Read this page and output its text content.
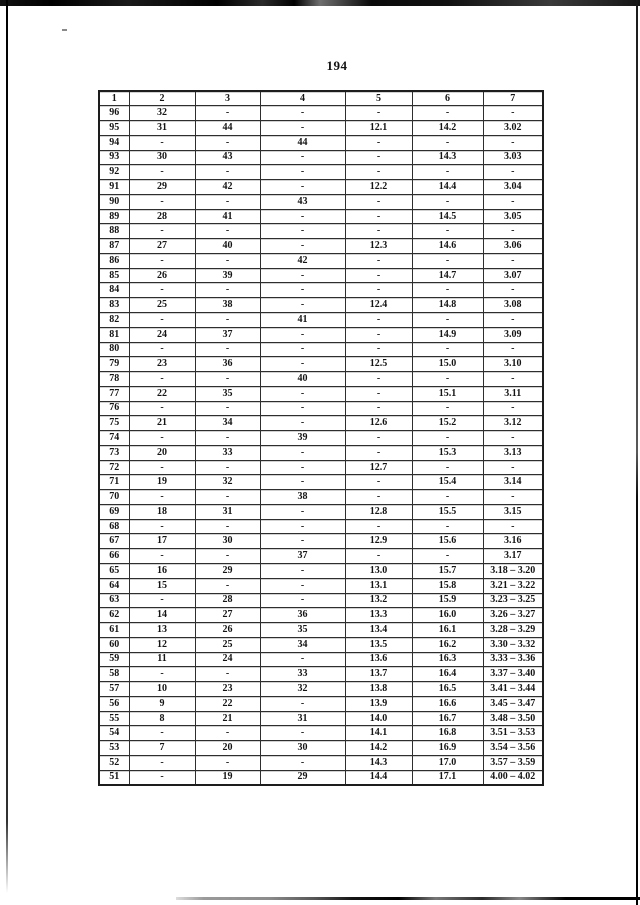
194
1	2	3	4	5	6	7
96	32	-	-	-	-	-
95	31	44	-	12.1	14.2	3.02
94	-	-	44	-	-	-
93	30	43	-	-	14.3	3.03
92	-	-	-	-	-	-
91	29	42	-	12.2	14.4	3.04
90	-	-	43	-	-	-
89	28	41	-	-	14.5	3.05
88	-	-	-	-	-	-
87	27	40	-	12.3	14.6	3.06
86	-	-	42	-	-	-
85	26	39	-	-	14.7	3.07
84	-	-	-	-	-	-
83	25	38	-	12.4	14.8	3.08
82	-	-	41	-	-	-
81	24	37	-	-	14.9	3.09
80	-	-	-	-	-	-
79	23	36	-	12.5	15.0	3.10
78	-	-	40	-	-	-
77	22	35	-	-	15.1	3.11
76	-	-	-	-	-	-
75	21	34	-	12.6	15.2	3.12
74	-	-	39	-	-	-
73	20	33	-	-	15.3	3.13
72	-	-	-	12.7	-	-
71	19	32	-	-	15.4	3.14
70	-	-	38	-	-	-
69	18	31	-	12.8	15.5	3.15
68	-	-	-	-	-	-
67	17	30	-	12.9	15.6	3.16
66	-	-	37	-	-	3.17
65	16	29	-	13.0	15.7	3.18 – 3.20
64	15	-	-	13.1	15.8	3.21 – 3.22
63	-	28	-	13.2	15.9	3.23 – 3.25
62	14	27	36	13.3	16.0	3.26 – 3.27
61	13	26	35	13.4	16.1	3.28 – 3.29
60	12	25	34	13.5	16.2	3.30 – 3.32
59	11	24	-	13.6	16.3	3.33 – 3.36
58	-	-	33	13.7	16.4	3.37 – 3.40
57	10	23	32	13.8	16.5	3.41 – 3.44
56	9	22	-	13.9	16.6	3.45 – 3.47
55	8	21	31	14.0	16.7	3.48 – 3.50
54	-	-	-	14.1	16.8	3.51 – 3.53
53	7	20	30	14.2	16.9	3.54 – 3.56
52	-	-	-	14.3	17.0	3.57 – 3.59
51	-	19	29	14.4	17.1	4.00 – 4.02
